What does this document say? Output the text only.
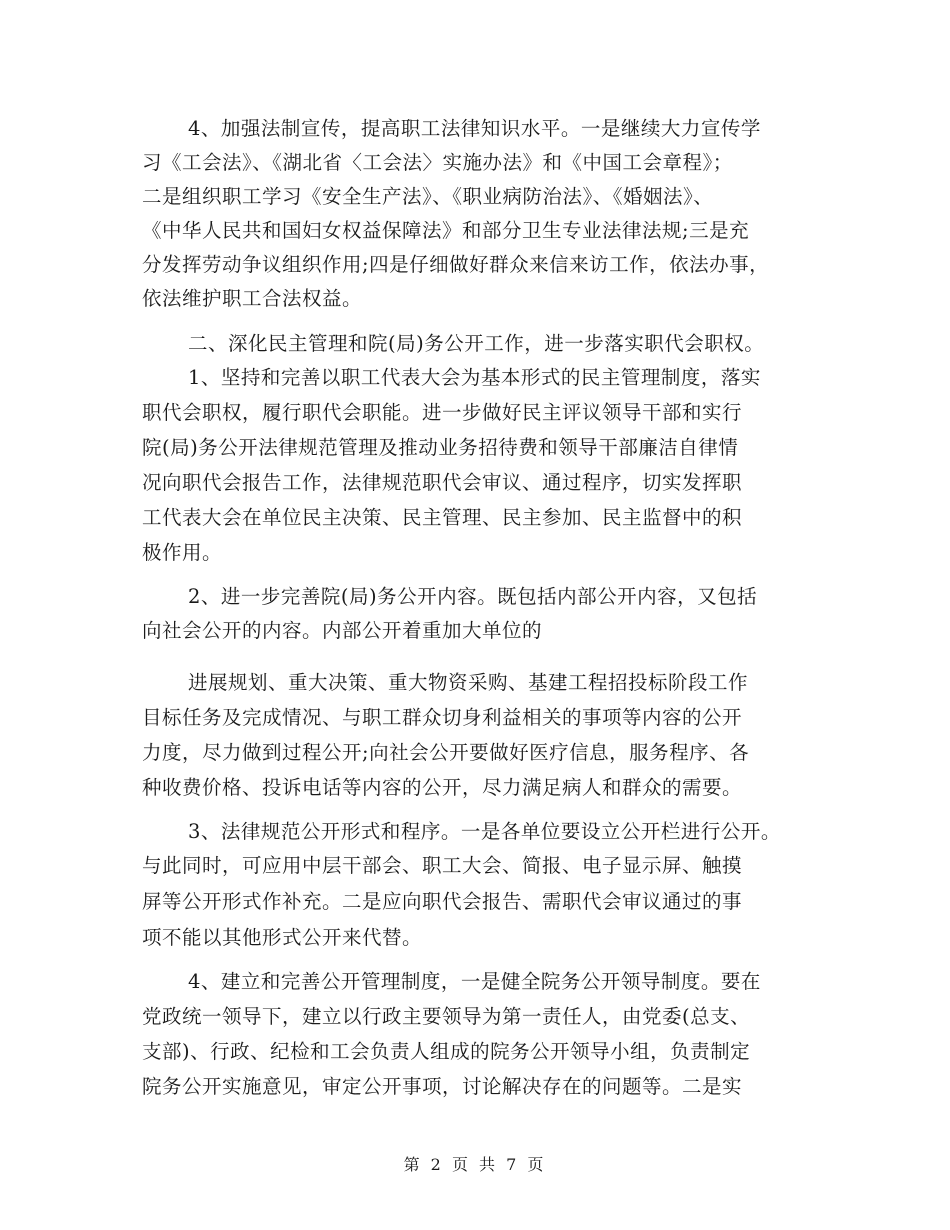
4、加强法制宣传，提高职工法律知识水平。一是继续大力宣传学
习《工会法》、《湖北省〈工会法〉实施办法》和《中国工会章程》；
二是组织职工学习《安全生产法》、《职业病防治法》、《婚姻法》、
《中华人民共和国妇女权益保障法》和部分卫生专业法律法规;三是充
分发挥劳动争议组织作用;四是仔细做好群众来信来访工作，依法办事，
依法维护职工合法权益。
二、深化民主管理和院(局)务公开工作，进一步落实职代会职权。
1、坚持和完善以职工代表大会为基本形式的民主管理制度，落实
职代会职权，履行职代会职能。进一步做好民主评议领导干部和实行
院(局)务公开法律规范管理及推动业务招待费和领导干部廉洁自律情
况向职代会报告工作，法律规范职代会审议、通过程序，切实发挥职
工代表大会在单位民主决策、民主管理、民主参加、民主监督中的积
极作用。
2、进一步完善院(局)务公开内容。既包括内部公开内容，又包括
向社会公开的内容。内部公开着重加大单位的
进展规划、重大决策、重大物资采购、基建工程招投标阶段工作
目标任务及完成情况、与职工群众切身利益相关的事项等内容的公开
力度，尽力做到过程公开;向社会公开要做好医疗信息，服务程序、各
种收费价格、投诉电话等内容的公开，尽力满足病人和群众的需要。
3、法律规范公开形式和程序。一是各单位要设立公开栏进行公开。
与此同时，可应用中层干部会、职工大会、简报、电子显示屏、触摸
屏等公开形式作补充。二是应向职代会报告、需职代会审议通过的事
项不能以其他形式公开来代替。
4、建立和完善公开管理制度，一是健全院务公开领导制度。要在
党政统一领导下，建立以行政主要领导为第一责任人，由党委(总支、
支部)、行政、纪检和工会负责人组成的院务公开领导小组，负责制定
院务公开实施意见，审定公开事项，讨论解决存在的问题等。二是实
第 2 页 共 7 页
